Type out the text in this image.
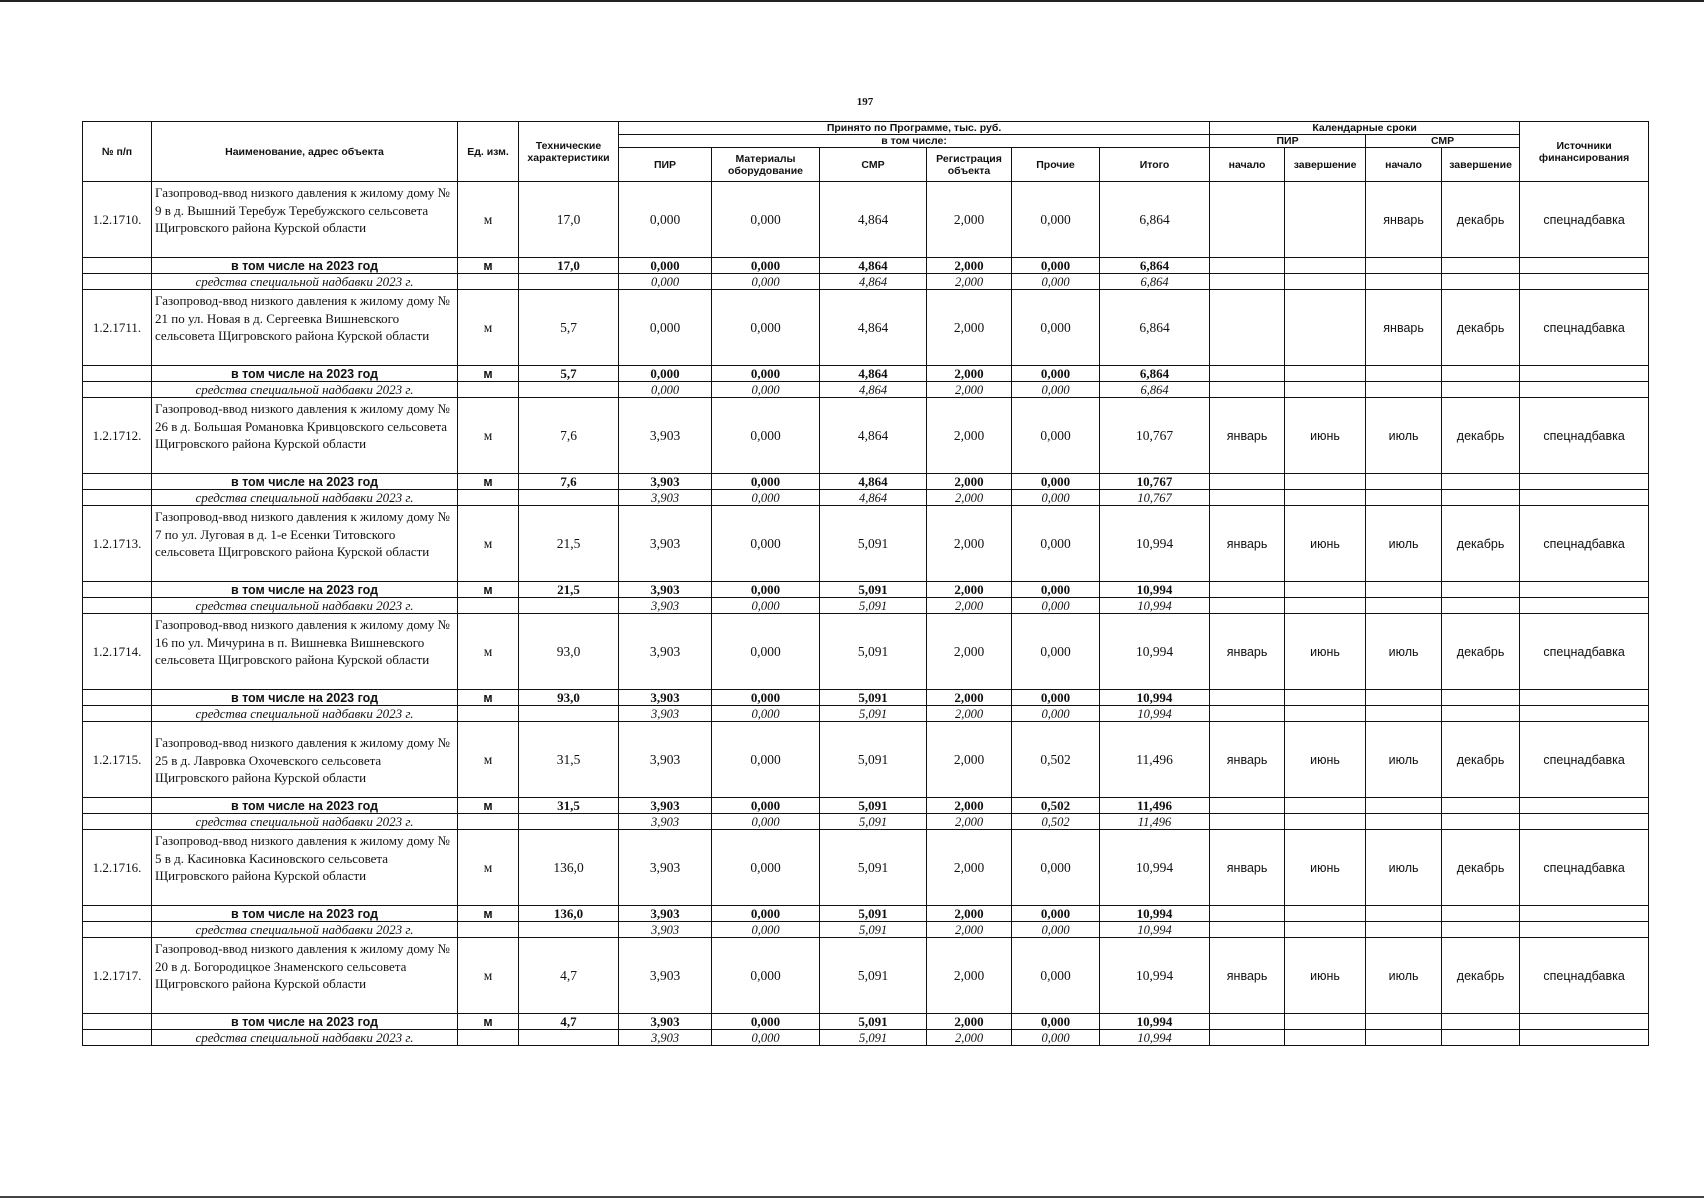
197
№ п/п	Наименование, адрес объекта	Ед. изм.	Технические характеристики	Принято по Программе, тыс. руб.						Календарные сроки				Источники финансирования
				в том числе:						ПИР		СМР		
				ПИР	Материалы оборудование	СМР	Регистрация объекта	Прочие	Итого	начало	завершение	начало	завершение	
1.2.1710.	Газопровод-ввод низкого давления к жилому дому № 9 в д. Вышний Теребуж Теребужского сельсовета Щигровского района Курской области	м	17,0	0,000	0,000	4,864	2,000	0,000	6,864			январь	декабрь	спецнадбавка
	в том числе на 2023 год	м	17,0	0,000	0,000	4,864	2,000	0,000	6,864					
	средства специальной надбавки 2023 г.			0,000	0,000	4,864	2,000	0,000	6,864					
1.2.1711.	Газопровод-ввод низкого давления к жилому дому № 21 по ул. Новая в д. Сергеевка Вишневского сельсовета Щигровского района Курской области	м	5,7	0,000	0,000	4,864	2,000	0,000	6,864			январь	декабрь	спецнадбавка
	в том числе на 2023 год	м	5,7	0,000	0,000	4,864	2,000	0,000	6,864					
	средства специальной надбавки 2023 г.			0,000	0,000	4,864	2,000	0,000	6,864					
1.2.1712.	Газопровод-ввод низкого давления к жилому дому № 26 в д. Большая Романовка Кривцовского сельсовета Щигровского района Курской области	м	7,6	3,903	0,000	4,864	2,000	0,000	10,767	январь	июнь	июль	декабрь	спецнадбавка
	в том числе на 2023 год	м	7,6	3,903	0,000	4,864	2,000	0,000	10,767					
	средства специальной надбавки 2023 г.			3,903	0,000	4,864	2,000	0,000	10,767					
1.2.1713.	Газопровод-ввод низкого давления к жилому дому № 7 по ул. Луговая в д. 1-е Есенки Титовского сельсовета Щигровского района Курской области	м	21,5	3,903	0,000	5,091	2,000	0,000	10,994	январь	июнь	июль	декабрь	спецнадбавка
	в том числе на 2023 год	м	21,5	3,903	0,000	5,091	2,000	0,000	10,994					
	средства специальной надбавки 2023 г.			3,903	0,000	5,091	2,000	0,000	10,994					
1.2.1714.	Газопровод-ввод низкого давления к жилому дому № 16 по ул. Мичурина в п. Вишневка Вишневского сельсовета Щигровского района Курской области	м	93,0	3,903	0,000	5,091	2,000	0,000	10,994	январь	июнь	июль	декабрь	спецнадбавка
	в том числе на 2023 год	м	93,0	3,903	0,000	5,091	2,000	0,000	10,994					
	средства специальной надбавки 2023 г.			3,903	0,000	5,091	2,000	0,000	10,994					
1.2.1715.	Газопровод-ввод низкого давления к жилому дому № 25 в д. Лавровка Охочевского сельсовета Щигровского района Курской области	м	31,5	3,903	0,000	5,091	2,000	0,502	11,496	январь	июнь	июль	декабрь	спецнадбавка
	в том числе на 2023 год	м	31,5	3,903	0,000	5,091	2,000	0,502	11,496					
	средства специальной надбавки 2023 г.			3,903	0,000	5,091	2,000	0,502	11,496					
1.2.1716.	Газопровод-ввод низкого давления к жилому дому № 5 в д. Касиновка Касиновского сельсовета Щигровского района Курской области	м	136,0	3,903	0,000	5,091	2,000	0,000	10,994	январь	июнь	июль	декабрь	спецнадбавка
	в том числе на 2023 год	м	136,0	3,903	0,000	5,091	2,000	0,000	10,994					
	средства специальной надбавки 2023 г.			3,903	0,000	5,091	2,000	0,000	10,994					
1.2.1717.	Газопровод-ввод низкого давления к жилому дому № 20 в д. Богородицкое Знаменского сельсовета Щигровского района Курской области	м	4,7	3,903	0,000	5,091	2,000	0,000	10,994	январь	июнь	июль	декабрь	спецнадбавка
	в том числе на 2023 год	м	4,7	3,903	0,000	5,091	2,000	0,000	10,994					
	средства специальной надбавки 2023 г.			3,903	0,000	5,091	2,000	0,000	10,994					
